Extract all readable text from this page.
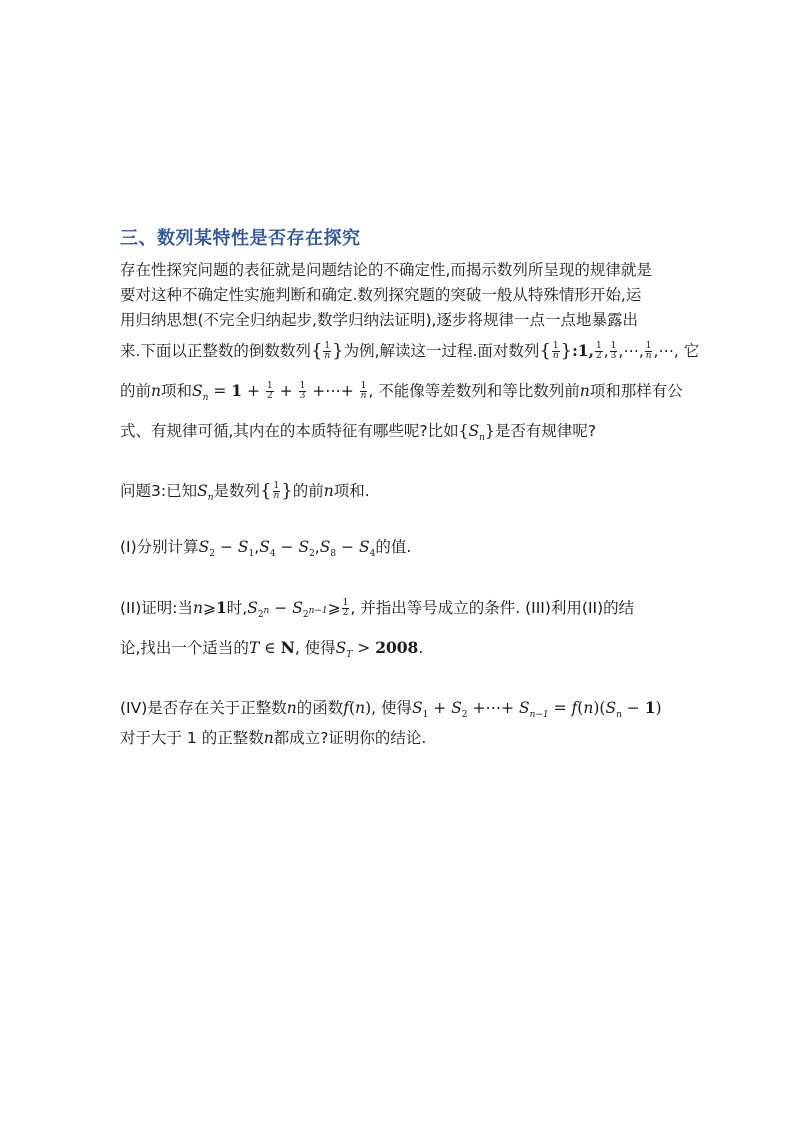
三、数列某特性是否存在探究
存在性探究问题的表征就是问题结论的不确定性,而揭示数列所呈现的规律就是
要对这种不确定性实施判断和确定.数列探究题的突破一般从特殊情形开始,运
用归纳思想(不完全归纳起步,数学归纳法证明),逐步将规律一点一点地暴露出
来.下面以正整数的倒数数列{ $\frac{1}{n}$ }为例,解读这一过程.面对数列{ $\frac{1}{n}$ }:1, $\frac{1}{2}$ , $\frac{1}{3}$ ,⋯, $\frac{1}{n}$ ,⋯, 它
的前n项和$S_n = 1 + \frac{1}{2} + \frac{1}{3}$ +⋯+ $\frac{1}{n}$ , 不能像等差数列和等比数列前n项和那样有公
式、有规律可循,其内在的本质特征有哪些呢?比如$\{S_n\}$是否有规律呢?
问题3:已知$S_n$是数列{ $\frac{1}{n}$ }的前n项和.
(I)分别计算$S_2 - S_1,S_4 - S_2,S_8 - S_4$的值.
(II)证明:当n⩾1时$,S_{2^n}$ − $S_{2^{n-1}}⩾ \frac{1}{2}$ , 并指出等号成立的条件. (III)利用(II)的结
论,找出一个适当的T ∈ N, 使得$S_T > 2008$.
(IV)是否存在关于正整数n的函数f(n), 使得$S_1 + S_2$ +⋯+ $S_{n-1} = f(n)(S_n - 1)$
对于大于 1 的正整数n都成立?证明你的结论.
